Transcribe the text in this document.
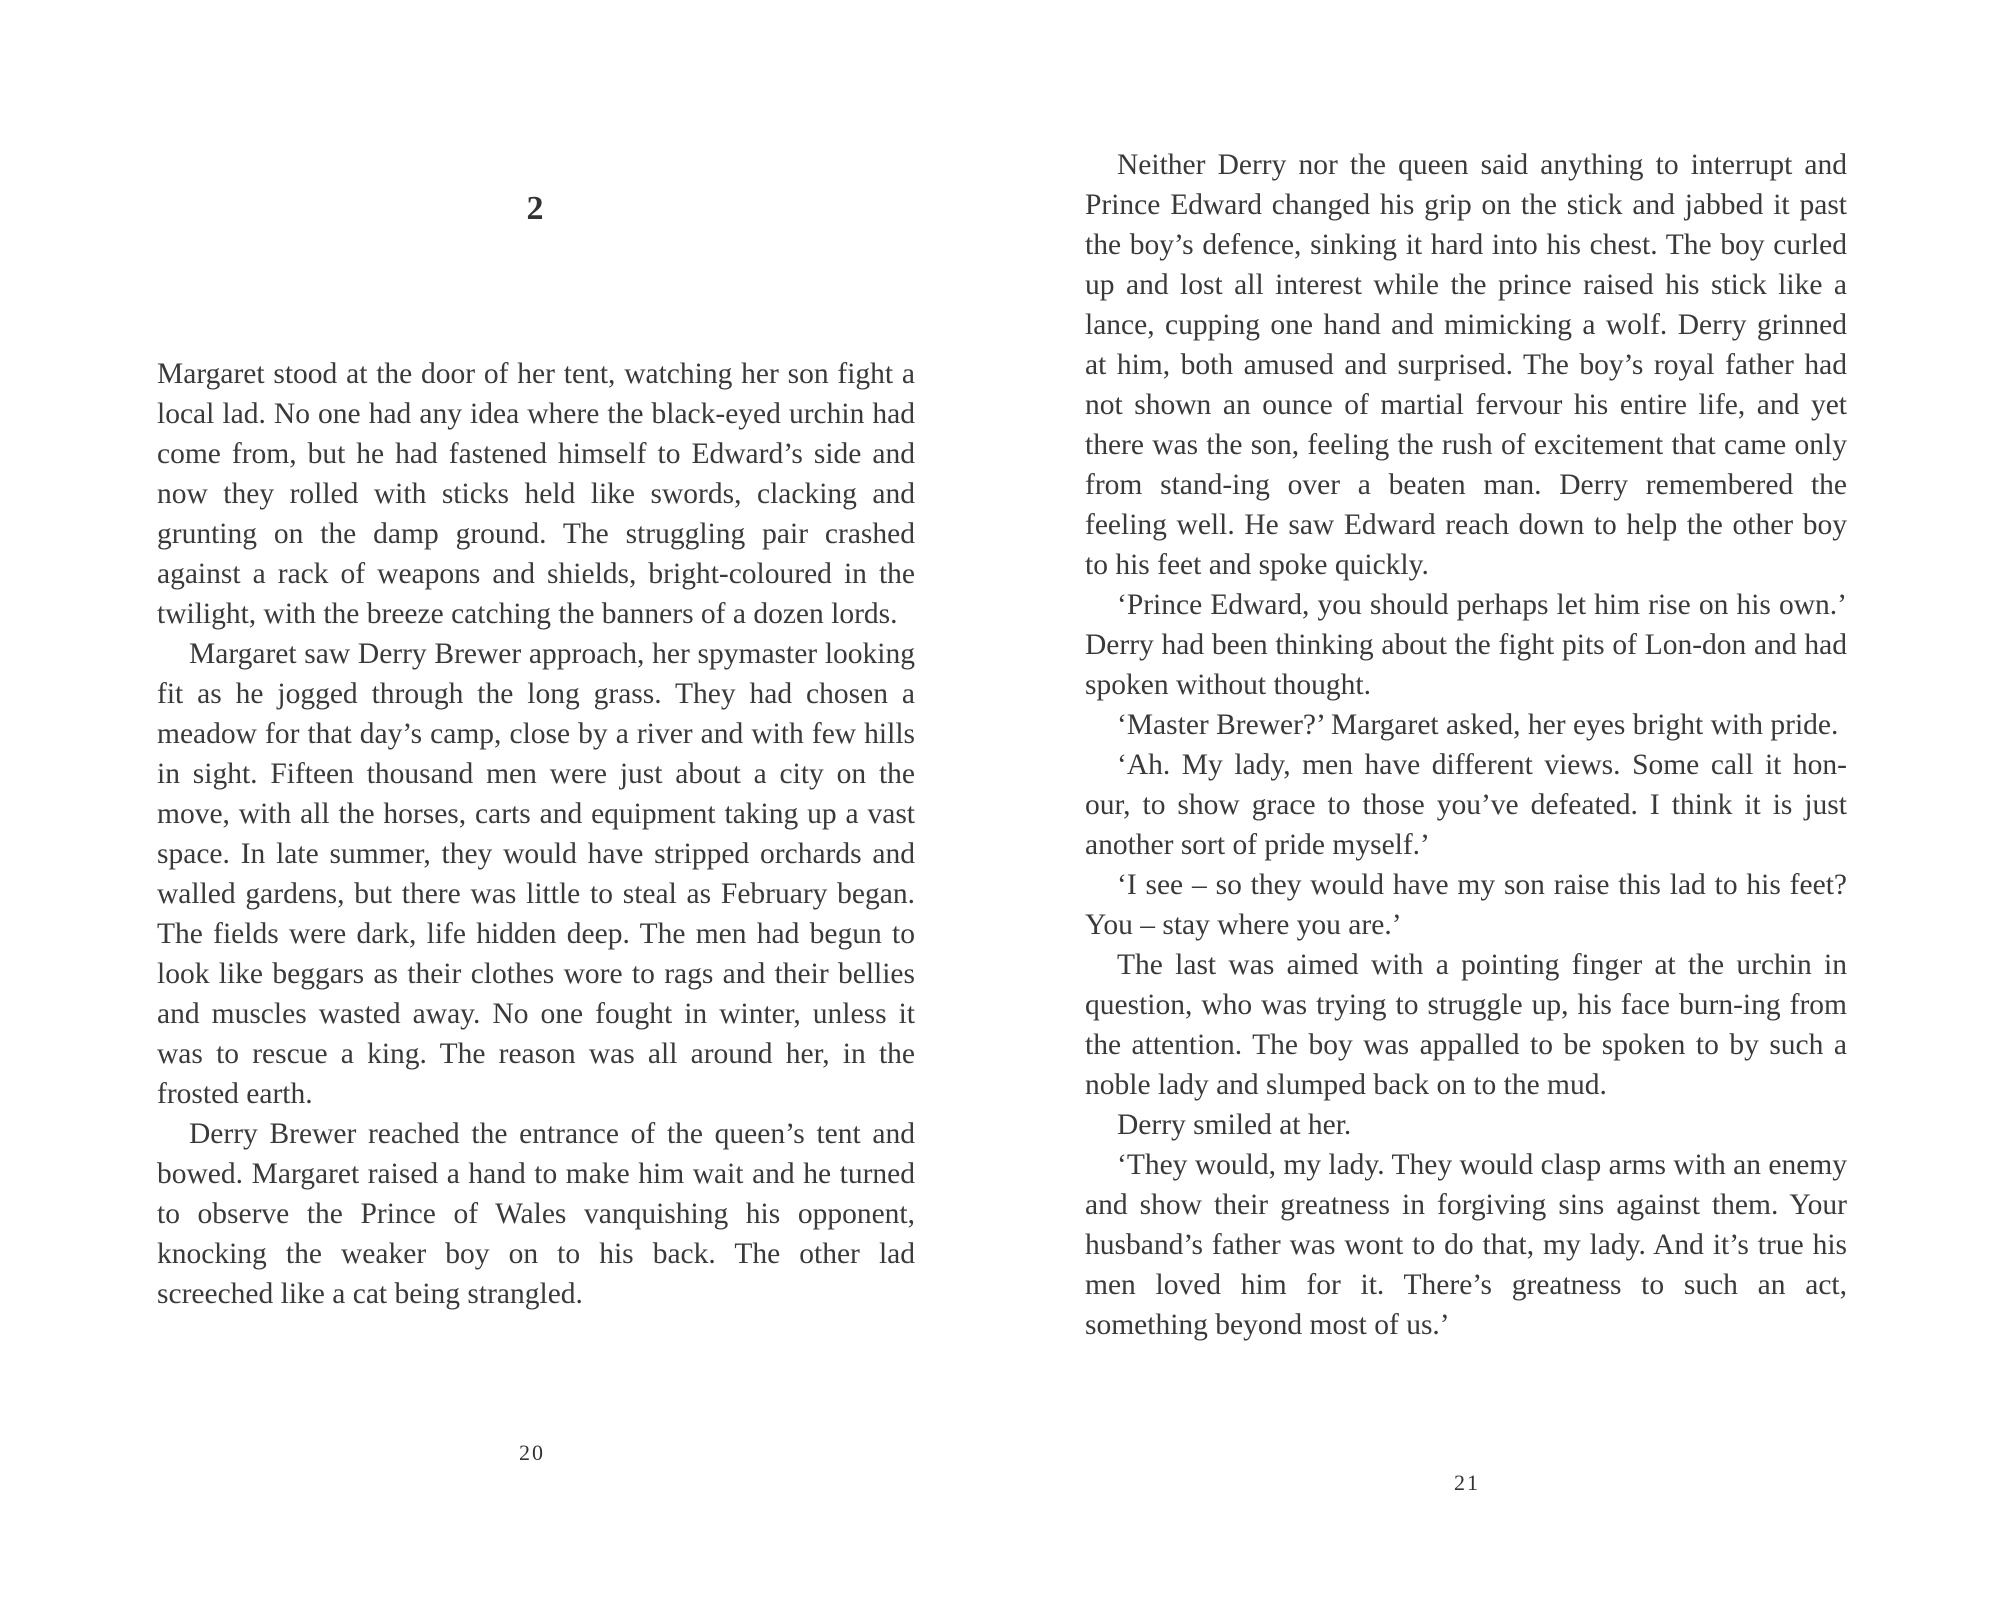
2

Margaret stood at the door of her tent, watching her son fight a local lad. No one had any idea where the black-eyed urchin had come from, but he had fastened himself to Edward’s side and now they rolled with sticks held like swords, clacking and grunting on the damp ground. The struggling pair crashed against a rack of weapons and shields, bright-coloured in the twilight, with the breeze catching the banners of a dozen lords.

Margaret saw Derry Brewer approach, her spymaster looking fit as he jogged through the long grass. They had chosen a meadow for that day’s camp, close by a river and with few hills in sight. Fifteen thousand men were just about a city on the move, with all the horses, carts and equipment taking up a vast space. In late summer, they would have stripped orchards and walled gardens, but there was little to steal as February began. The fields were dark, life hidden deep. The men had begun to look like beggars as their clothes wore to rags and their bellies and muscles wasted away. No one fought in winter, unless it was to rescue a king. The reason was all around her, in the frosted earth.

Derry Brewer reached the entrance of the queen’s tent and bowed. Margaret raised a hand to make him wait and he turned to observe the Prince of Wales vanquishing his opponent, knocking the weaker boy on to his back. The other lad screeched like a cat being strangled.

20

Neither Derry nor the queen said anything to interrupt and Prince Edward changed his grip on the stick and jabbed it past the boy’s defence, sinking it hard into his chest. The boy curled up and lost all interest while the prince raised his stick like a lance, cupping one hand and mimicking a wolf. Derry grinned at him, both amused and surprised. The boy’s royal father had not shown an ounce of martial fervour his entire life, and yet there was the son, feeling the rush of excitement that came only from stand-ing over a beaten man. Derry remembered the feeling well. He saw Edward reach down to help the other boy to his feet and spoke quickly.

‘Prince Edward, you should perhaps let him rise on his own.’ Derry had been thinking about the fight pits of Lon-don and had spoken without thought.

‘Master Brewer?’ Margaret asked, her eyes bright with pride.

‘Ah. My lady, men have different views. Some call it hon-our, to show grace to those you’ve defeated. I think it is just another sort of pride myself.’

‘I see – so they would have my son raise this lad to his feet? You – stay where you are.’

The last was aimed with a pointing finger at the urchin in question, who was trying to struggle up, his face burn-ing from the attention. The boy was appalled to be spoken to by such a noble lady and slumped back on to the mud.

Derry smiled at her.

‘They would, my lady. They would clasp arms with an enemy and show their greatness in forgiving sins against them. Your husband’s father was wont to do that, my lady. And it’s true his men loved him for it. There’s greatness to such an act, something beyond most of us.’

21
